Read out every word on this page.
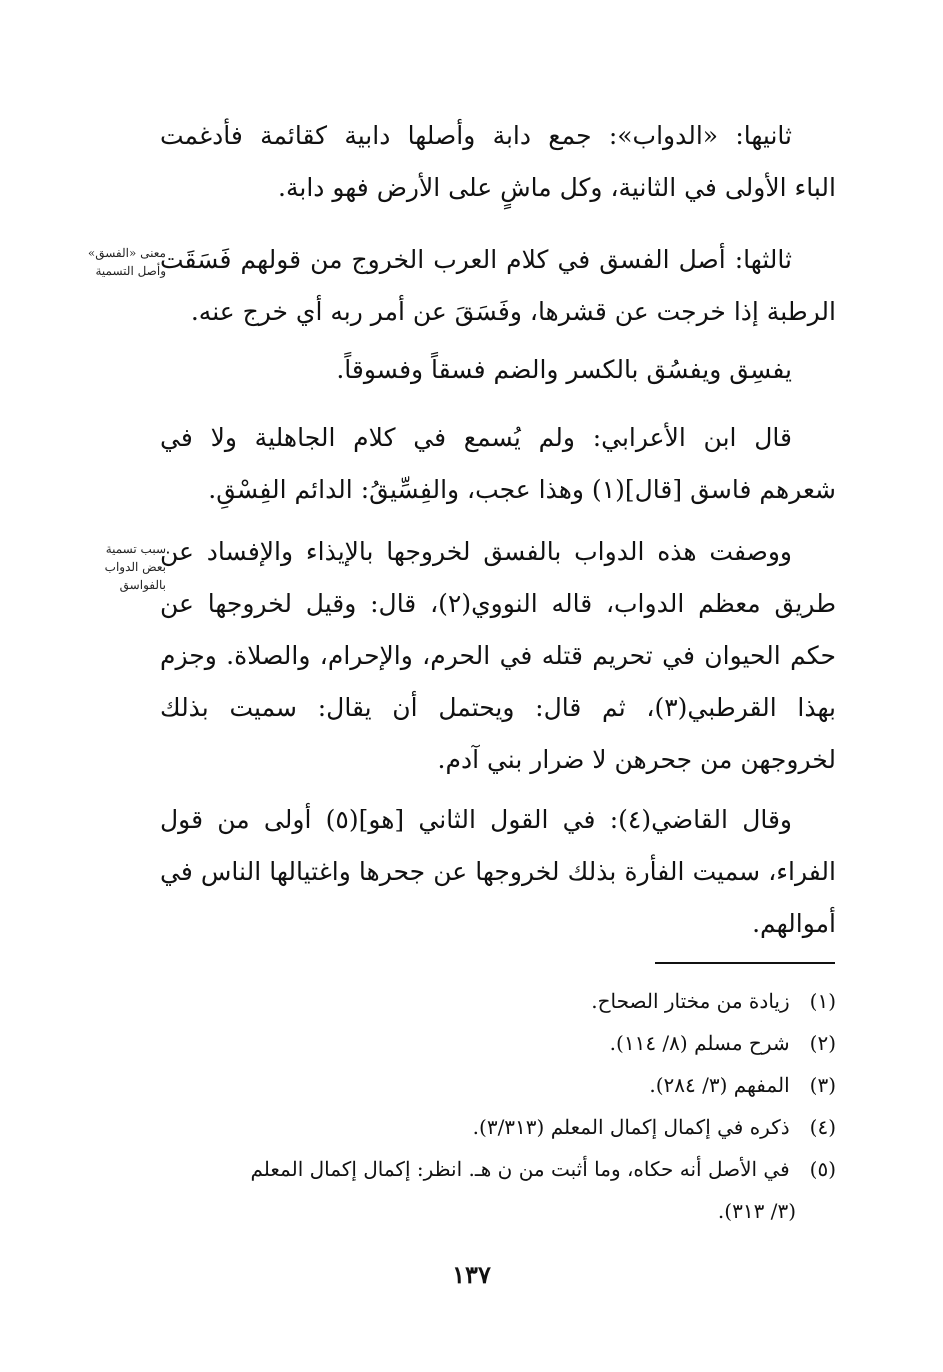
ثانيها: «الدواب»: جمع دابة وأصلها دابية كقائمة فأدغمت
الباء الأولى في الثانية، وكل ماشٍ على الأرض فهو دابة.
ثالثها: أصل الفسق في كلام العرب الخروج من قولهم فَسَقَت
الرطبة إذا خرجت عن قشرها، وفَسَقَ عن أمر ربه أي خرج عنه.
معنى «الفسق»
وأصل التسمية
يفسِق ويفسُق بالكسر والضم فسقاً وفسوقاً.
قال ابن الأعرابي: ولم يُسمع في كلام الجاهلية ولا في
شعرهم فاسق [قال](١) وهذا عجب، والفِسِّيقُ: الدائم الفِسْقِ.
ووصفت هذه الدواب بالفسق لخروجها بالإيذاء والإفساد عن
طريق معظم الدواب، قاله النووي(٢)، قال: وقيل لخروجها عن
حكم الحيوان في تحريم قتله في الحرم، والإحرام، والصلاة. وجزم
بهذا القرطبي(٣)، ثم قال: ويحتمل أن يقال: سميت بذلك
لخروجهن من جحرهن لا ضرار بني آدم.
سبب تسمية
بعض الدواب
بالفواسق
وقال القاضي(٤): في القول الثاني [هو](٥) أولى من قول
الفراء، سميت الفأرة بذلك لخروجها عن جحرها واغتيالها الناس في
أموالهم.
(١) زيادة من مختار الصحاح.
(٢) شرح مسلم (٨/ ١١٤).
(٣) المفهم (٣/ ٢٨٤).
(٤) ذكره في إكمال إكمال المعلم (٣/٣١٣).
(٥) في الأصل أنه حكاه، وما أثبت من ن هـ. انظر: إكمال إكمال المعلم
(٣/ ٣١٣).
١٣٧
